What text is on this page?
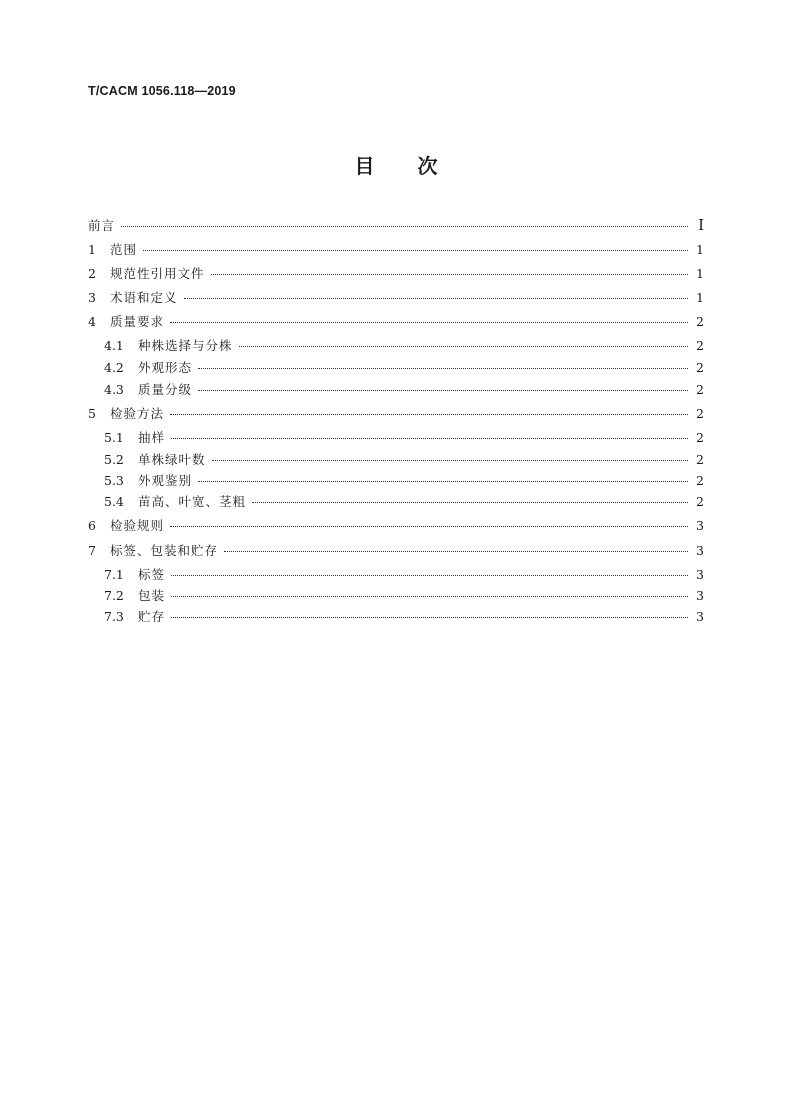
T/CACM 1056.118—2019
目 次
前言	I
1	范围	1
2	规范性引用文件	1
3	术语和定义	1
4	质量要求	2
4.1	种株选择与分株	2
4.2	外观形态	2
4.3	质量分级	2
5	检验方法	2
5.1	抽样	2
5.2	单株绿叶数	2
5.3	外观鉴别	2
5.4	苗高、叶宽、茎粗	2
6	检验规则	3
7	标签、包装和贮存	3
7.1	标签	3
7.2	包装	3
7.3	贮存	3
